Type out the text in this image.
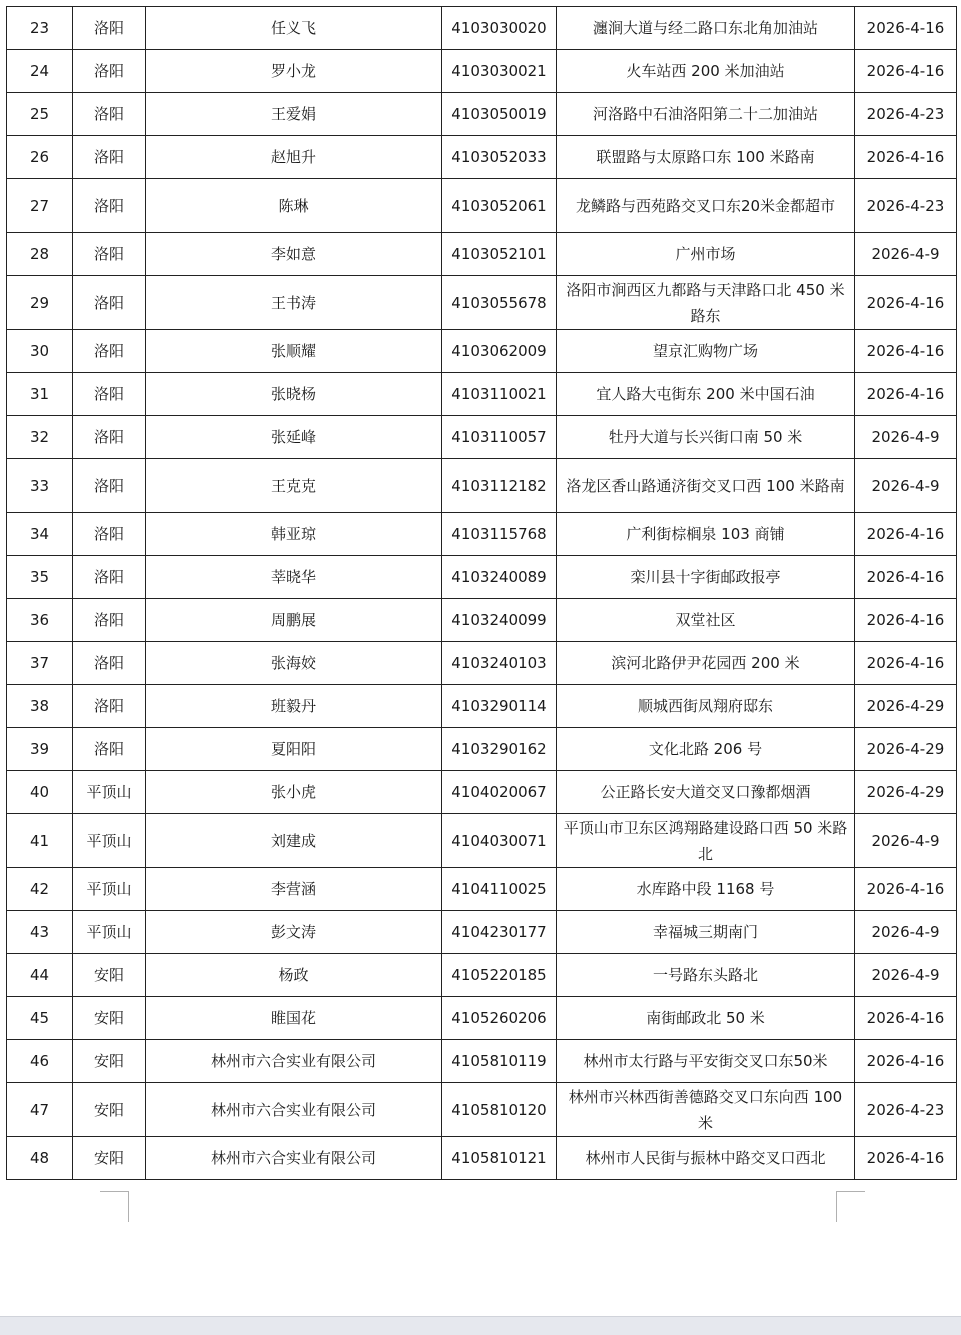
23	洛阳	任义飞	4103030020	瀍涧大道与经二路口东北角加油站	2026-4-16
24	洛阳	罗小龙	4103030021	火车站西 200 米加油站	2026-4-16
25	洛阳	王爱娟	4103050019	河洛路中石油洛阳第二十二加油站	2026-4-23
26	洛阳	赵旭升	4103052033	联盟路与太原路口东 100 米路南	2026-4-16
27	洛阳	陈琳	4103052061	龙鳞路与西苑路交叉口东20米金都超市	2026-4-23
28	洛阳	李如意	4103052101	广州市场	2026-4-9
29	洛阳	王书涛	4103055678	洛阳市涧西区九都路与天津路口北 450 米路东	2026-4-16
30	洛阳	张顺耀	4103062009	望京汇购物广场	2026-4-16
31	洛阳	张晓杨	4103110021	宜人路大屯街东 200 米中国石油	2026-4-16
32	洛阳	张延峰	4103110057	牡丹大道与长兴街口南 50 米	2026-4-9
33	洛阳	王克克	4103112182	洛龙区香山路通济街交叉口西 100 米路南	2026-4-9
34	洛阳	韩亚琼	4103115768	广利街棕榈泉 103 商铺	2026-4-16
35	洛阳	莘晓华	4103240089	栾川县十字街邮政报亭	2026-4-16
36	洛阳	周鹏展	4103240099	双堂社区	2026-4-16
37	洛阳	张海姣	4103240103	滨河北路伊尹花园西 200 米	2026-4-16
38	洛阳	班毅丹	4103290114	顺城西街凤翔府邸东	2026-4-29
39	洛阳	夏阳阳	4103290162	文化北路 206 号	2026-4-29
40	平顶山	张小虎	4104020067	公正路长安大道交叉口豫都烟酒	2026-4-29
41	平顶山	刘建成	4104030071	平顶山市卫东区鸿翔路建设路口西 50 米路北	2026-4-9
42	平顶山	李营涵	4104110025	水库路中段 1168 号	2026-4-16
43	平顶山	彭文涛	4104230177	幸福城三期南门	2026-4-9
44	安阳	杨政	4105220185	一号路东头路北	2026-4-9
45	安阳	睢国花	4105260206	南街邮政北 50 米	2026-4-16
46	安阳	林州市六合实业有限公司	4105810119	林州市太行路与平安街交叉口东50米	2026-4-16
47	安阳	林州市六合实业有限公司	4105810120	林州市兴林西街善德路交叉口东向西 100 米	2026-4-23
48	安阳	林州市六合实业有限公司	4105810121	林州市人民街与振林中路交叉口西北	2026-4-16
